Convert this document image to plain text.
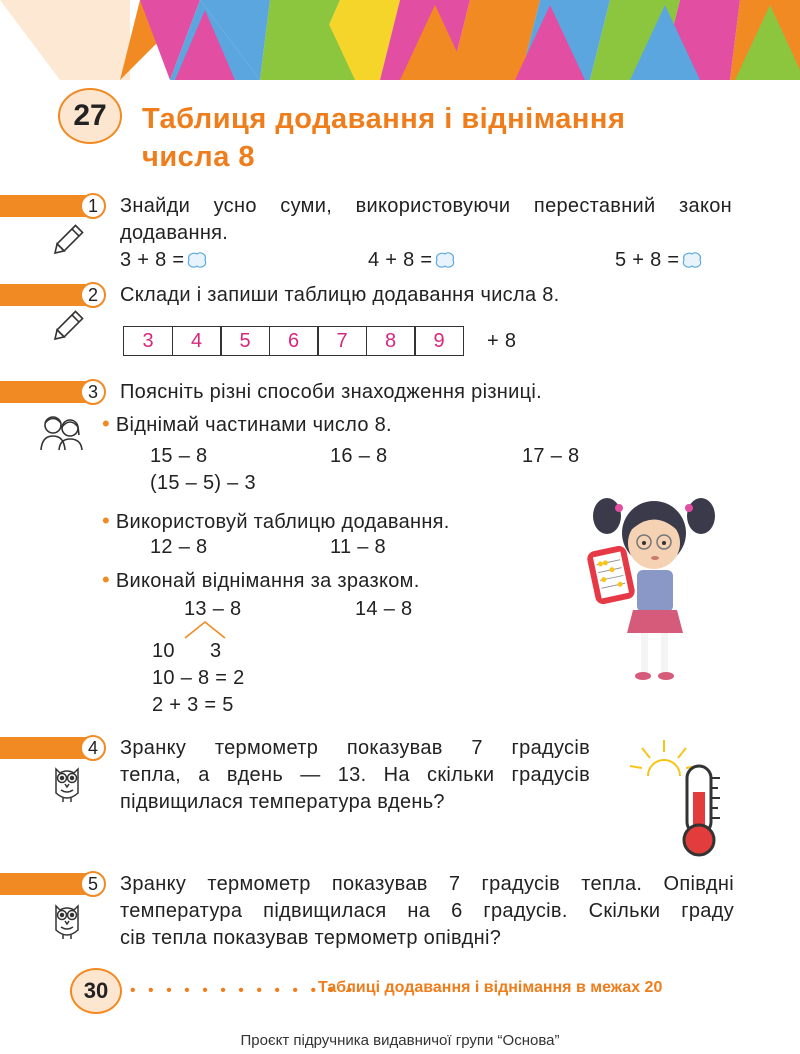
27	Таблиця додавання і віднімання
числа 8
1	Знайди усно суми, використовуючи переставний закон додавання.
3 + 8 =	4 + 8 =	5 + 8 =
2	Склади і запиши таблицю додавання числа 8.
3	4	5	6	7	8	9	+ 8
3	Поясніть різні способи знаходження різниці.
• Віднімай частинами число 8.
15 – 8	16 – 8	17 – 8
(15 – 5) – 3
• Використовуй таблицю додавання.
12 – 8	11 – 8
• Виконай віднімання за зразком.
13 – 8	14 – 8
10 3
10 – 8 = 2
2 + 3 = 5
4	Зранку термометр показував 7 градусів
тепла, а вдень — 13. На скільки градусів
підвищилася температура вдень?
5	Зранку термометр показував 7 градусів тепла. Опівдні
температура підвищилася на 6 градусів. Скільки граду
сів тепла показував термометр опівдні?
30	• • • • • • • • • • • • •
Таблиці додавання і віднімання в межах 20
Проєкт підручника видавничої групи “Основа”
